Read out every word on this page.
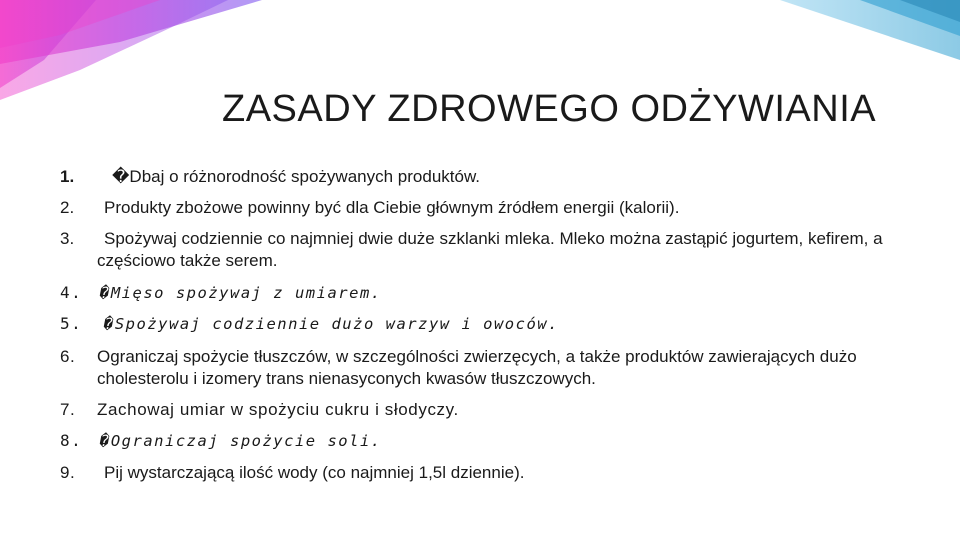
ZASADY ZDROWEGO ODŻYWIANIA
1.	�Dbaj o różnorodność spożywanych produktów.
2.	Produkty zbożowe powinny być dla Ciebie głównym źródłem energii (kalorii).
3.	Spożywaj codziennie co najmniej dwie duże szklanki mleka. Mleko można zastąpić jogurtem, kefirem, a częściowo także serem.
4.	�Mięso spożywaj z umiarem.
5.	�Spożywaj codziennie dużo warzyw i owoców.
6.	Ograniczaj spożycie tłuszczów, w szczególności zwierzęcych, a także produktów zawierających dużo cholesterolu i izomery trans nienasyconych kwasów tłuszczowych.
7.	Zachowaj umiar w spożyciu cukru i słodyczy.
8.	�Ograniczaj spożycie soli.
9.	Pij wystarczającą ilość wody (co najmniej 1,5l dziennie).
